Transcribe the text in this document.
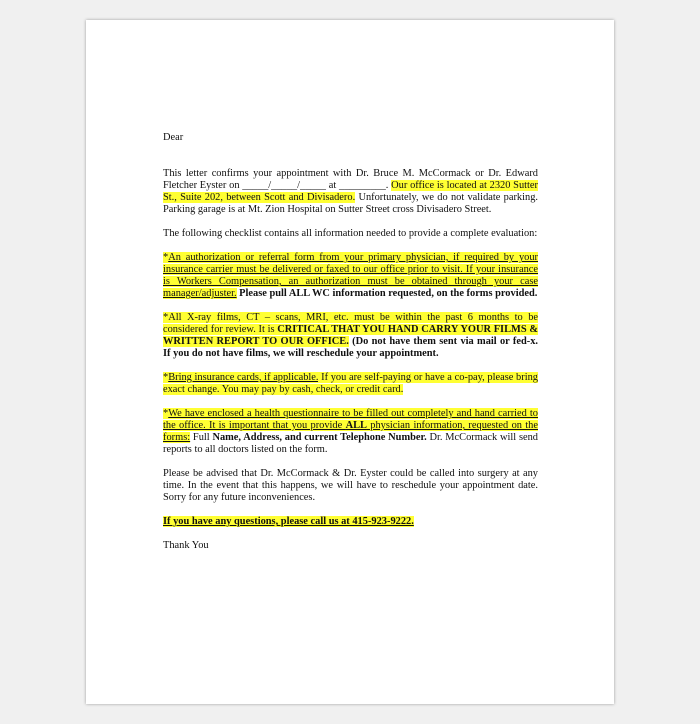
Dear

This letter confirms your appointment with Dr. Bruce M. McCormack or Dr. Edward Fletcher Eyster on _____/_____/_____ at _________. Our office is located at 2320 Sutter St., Suite 202, between Scott and Divisadero. Unfortunately, we do not validate parking. Parking garage is at Mt. Zion Hospital on Sutter Street cross Divisadero Street.

The following checklist contains all information needed to provide a complete evaluation:

*An authorization or referral form from your primary physician, if required by your insurance carrier must be delivered or faxed to our office prior to visit. If your insurance is Workers Compensation, an authorization must be obtained through your case manager/adjuster. Please pull ALL WC information requested, on the forms provided.

*All X-ray films, CT – scans, MRI, etc. must be within the past 6 months to be considered for review. It is CRITICAL THAT YOU HAND CARRY YOUR FILMS & WRITTEN REPORT TO OUR OFFICE. (Do not have them sent via mail or fed-x. If you do not have films, we will reschedule your appointment.

*Bring insurance cards, if applicable. If you are self-paying or have a co-pay, please bring exact change. You may pay by cash, check, or credit card.

*We have enclosed a health questionnaire to be filled out completely and hand carried to the office. It is important that you provide ALL physician information, requested on the forms: Full Name, Address, and current Telephone Number. Dr. McCormack will send reports to all doctors listed on the form.

Please be advised that Dr. McCormack & Dr. Eyster could be called into surgery at any time. In the event that this happens, we will have to reschedule your appointment date. Sorry for any future inconveniences.

If you have any questions, please call us at 415-923-9222.

Thank You
